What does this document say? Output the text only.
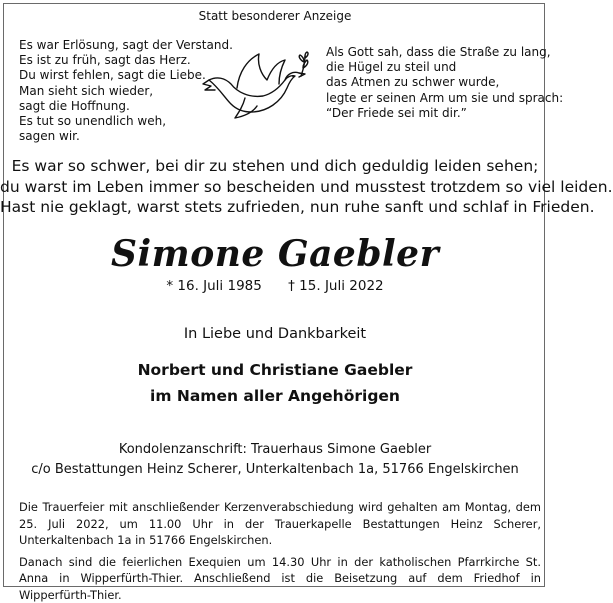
Statt besonderer Anzeige
Es war Erlösung, sagt der Verstand.
Es ist zu früh, sagt das Herz.
Du wirst fehlen, sagt die Liebe.
Man sieht sich wieder,
sagt die Hoffnung.
Es tut so unendlich weh,
sagen wir.
Als Gott sah, dass die Straße zu lang,
die Hügel zu steil und
das Atmen zu schwer wurde,
legte er seinen Arm um sie und sprach:
“Der Friede sei mit dir.”
Es war so schwer, bei dir zu stehen und dich geduldig leiden sehen;
du warst im Leben immer so bescheiden und musstest trotzdem so viel leiden.
Hast nie geklagt, warst stets zufrieden, nun ruhe sanft und schlaf in Frieden.
Simone Gaebler
* 16. Juli 1985 † 15. Juli 2022
In Liebe und Dankbarkeit
Norbert und Christiane Gaebler
im Namen aller Angehörigen
Kondolenzanschrift: Trauerhaus Simone Gaebler
c/o Bestattungen Heinz Scherer, Unterkaltenbach 1a, 51766 Engelskirchen
Die Trauerfeier mit anschließender Kerzenverabschiedung wird gehalten am Montag, dem 25. Juli 2022, um 11.00 Uhr in der Trauerkapelle Bestattungen Heinz Scherer, Unterkaltenbach 1a in 51766 Engelskirchen.
Danach sind die feierlichen Exequien um 14.30 Uhr in der katholischen Pfarrkirche St. Anna in Wipperfürth-Thier. Anschließend ist die Beisetzung auf dem Friedhof in Wipperfürth-Thier.
